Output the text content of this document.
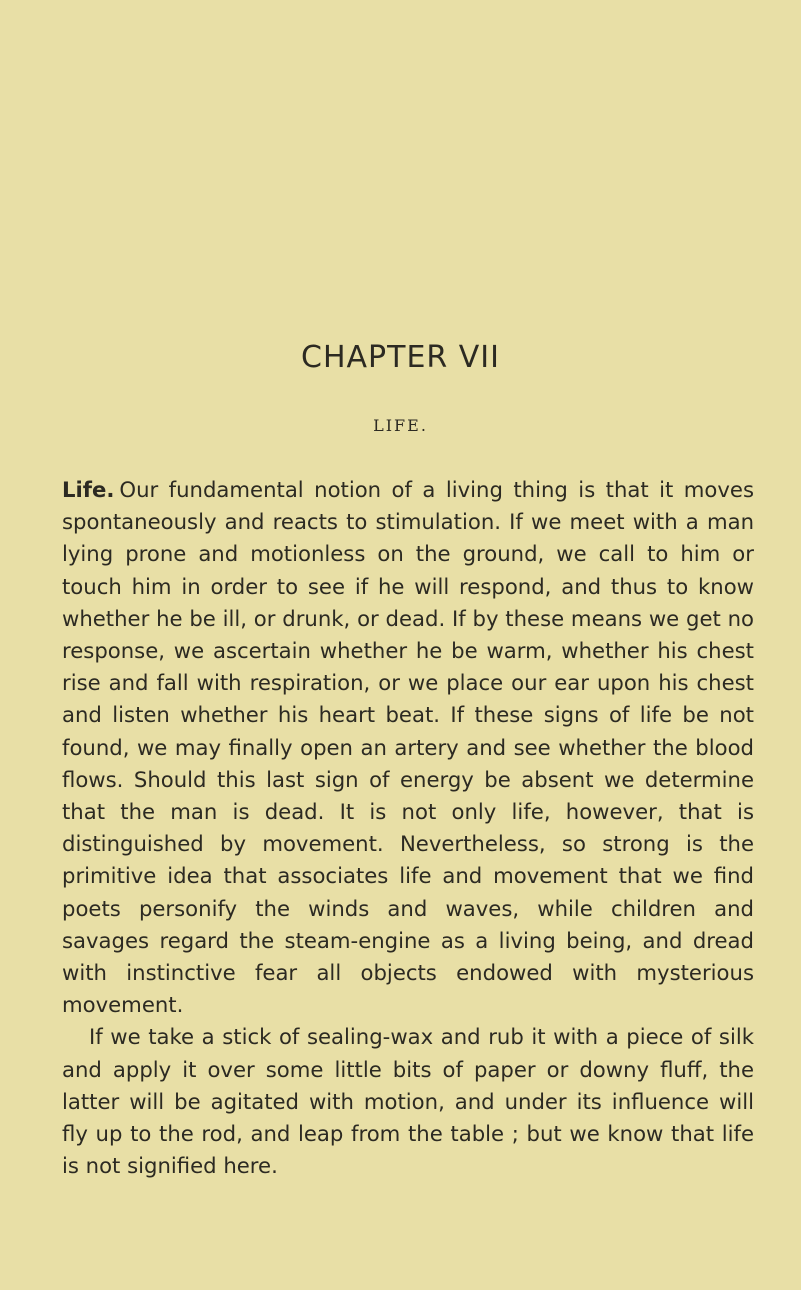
CHAPTER VII
LIFE.

Life. Our fundamental notion of a living thing is that it moves spontaneously and reacts to stimulation. If we meet with a man lying prone and motionless on the ground, we call to him or touch him in order to see if he will respond, and thus to know whether he be ill, or drunk, or dead. If by these means we get no response, we ascertain whether he be warm, whether his chest rise and fall with respiration, or we place our ear upon his chest and listen whether his heart beat. If these signs of life be not found, we may finally open an artery and see whether the blood flows. Should this last sign of energy be absent we determine that the man is dead. It is not only life, however, that is distinguished by movement. Nevertheless, so strong is the primitive idea that associates life and movement that we find poets personify the winds and waves, while children and savages regard the steam-engine as a living being, and dread with instinctive fear all objects endowed with mysterious movement.

If we take a stick of sealing-wax and rub it with a piece of silk and apply it over some little bits of paper or downy fluff, the latter will be agitated with motion, and under its influence will fly up to the rod, and leap from the table ; but we know that life is not signified here.
